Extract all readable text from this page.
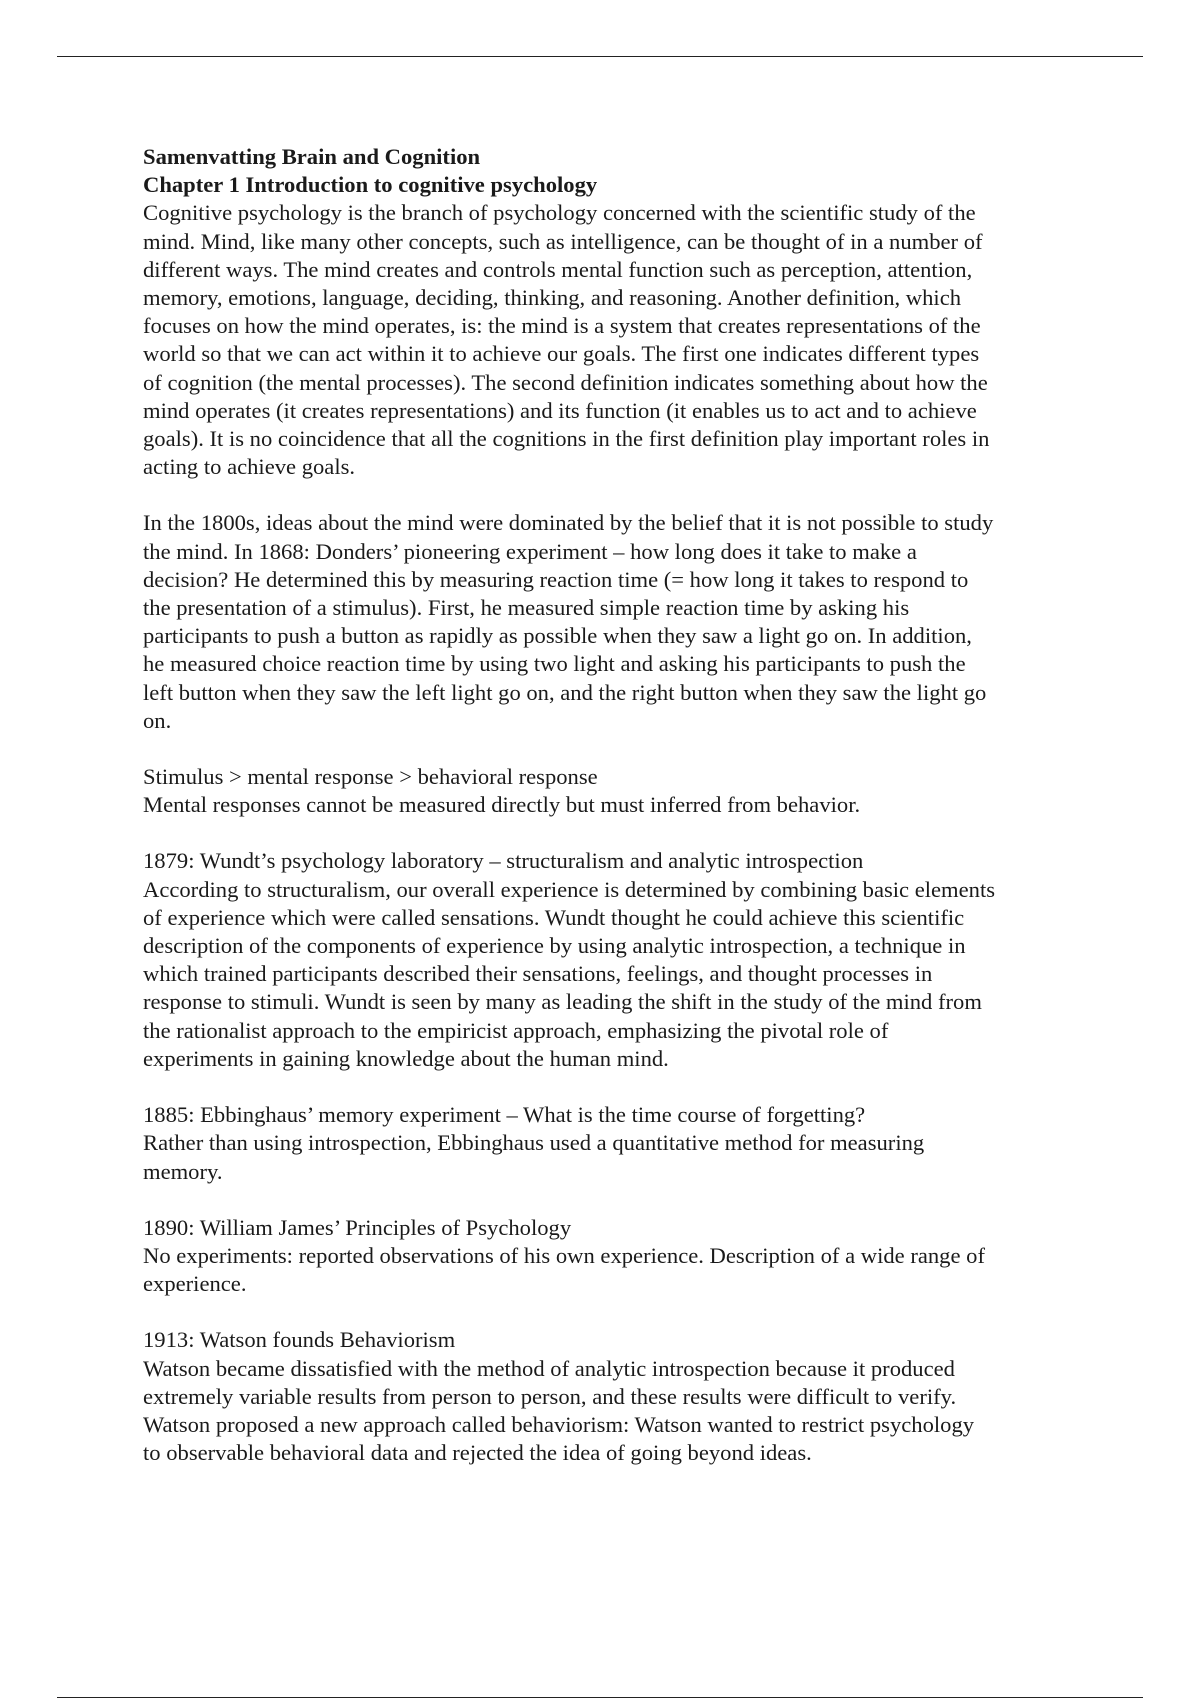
Samenvatting Brain and Cognition

Chapter 1 Introduction to cognitive psychology

Cognitive psychology is the branch of psychology concerned with the scientific study of the
mind. Mind, like many other concepts, such as intelligence, can be thought of in a number of
different ways. The mind creates and controls mental function such as perception, attention,
memory, emotions, language, deciding, thinking, and reasoning. Another definition, which
focuses on how the mind operates, is: the mind is a system that creates representations of the
world so that we can act within it to achieve our goals. The first one indicates different types
of cognition (the mental processes). The second definition indicates something about how the
mind operates (it creates representations) and its function (it enables us to act and to achieve
goals). It is no coincidence that all the cognitions in the first definition play important roles in
acting to achieve goals.

In the 1800s, ideas about the mind were dominated by the belief that it is not possible to study
the mind. In 1868: Donders’ pioneering experiment – how long does it take to make a
decision? He determined this by measuring reaction time (= how long it takes to respond to
the presentation of a stimulus). First, he measured simple reaction time by asking his
participants to push a button as rapidly as possible when they saw a light go on. In addition,
he measured choice reaction time by using two light and asking his participants to push the
left button when they saw the left light go on, and the right button when they saw the light go
on.

Stimulus > mental response > behavioral response
Mental responses cannot be measured directly but must inferred from behavior.

1879: Wundt’s psychology laboratory – structuralism and analytic introspection
According to structuralism, our overall experience is determined by combining basic elements
of experience which were called sensations. Wundt thought he could achieve this scientific
description of the components of experience by using analytic introspection, a technique in
which trained participants described their sensations, feelings, and thought processes in
response to stimuli. Wundt is seen by many as leading the shift in the study of the mind from
the rationalist approach to the empiricist approach, emphasizing the pivotal role of
experiments in gaining knowledge about the human mind.

1885: Ebbinghaus’ memory experiment – What is the time course of forgetting?
Rather than using introspection, Ebbinghaus used a quantitative method for measuring
memory.

1890: William James’ Principles of Psychology
No experiments: reported observations of his own experience. Description of a wide range of
experience.

1913: Watson founds Behaviorism
Watson became dissatisfied with the method of analytic introspection because it produced
extremely variable results from person to person, and these results were difficult to verify.
Watson proposed a new approach called behaviorism: Watson wanted to restrict psychology
to observable behavioral data and rejected the idea of going beyond ideas.
